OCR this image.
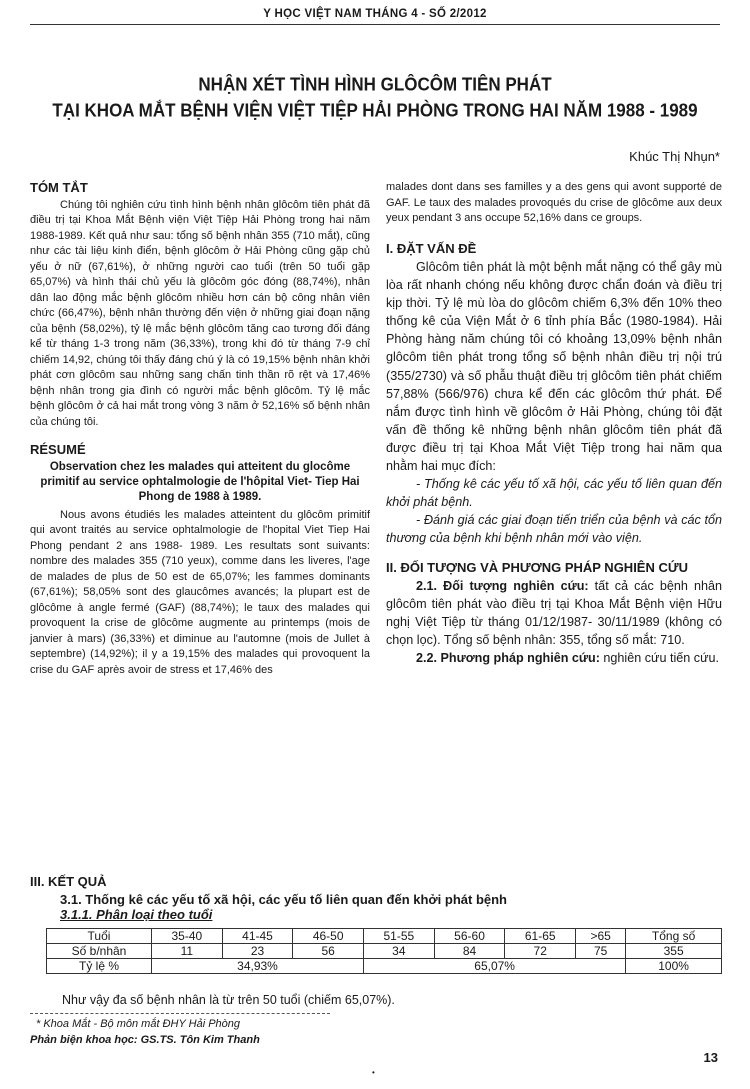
Y HỌC VIỆT NAM THÁNG 4 - SỐ 2/2012
NHẬN XÉT TÌNH HÌNH GLÔCÔM TIÊN PHÁT
TẠI KHOA MẮT BỆNH VIỆN VIỆT TIỆP HẢI PHÒNG TRONG HAI NĂM 1988 - 1989
Khúc Thị Nhụn*
TÓM TẮT

Chúng tôi nghiên cứu tình hình bệnh nhân glôcôm tiên phát đã điều trị tại Khoa Mắt Bệnh viện Việt Tiệp Hải Phòng trong hai năm 1988-1989. Kết quả như sau: tổng số bệnh nhân 355 (710 mắt), cũng như các tài liệu kinh điển, bệnh glôcôm ở Hải Phòng cũng gặp chủ yếu ở nữ (67,61%), ở những người cao tuổi (trên 50 tuổi gặp 65,07%) và hình thái chủ yếu là glôcôm góc đóng (88,74%), nhân dân lao động mắc bệnh glôcôm nhiều hơn cán bộ công nhân viên chức (66,47%), bệnh nhân thường đến viện ở những giai đoạn nặng của bệnh (58,02%), tỷ lệ mắc bệnh glôcôm tăng cao tương đối đáng kể từ tháng 1-3 trong năm (36,33%), trong khi đó từ tháng 7-9 chỉ chiếm 14,92, chúng tôi thấy đáng chú ý là có 19,15% bệnh nhân khởi phát cơn glôcôm sau những sang chấn tinh thần rõ rệt và 17,46% bệnh nhân trong gia đình có người mắc bệnh glôcôm. Tỷ lệ mắc bệnh glôcôm ở cả hai mắt trong vòng 3 năm ở 52,16% số bệnh nhân của chúng tôi.

RÉSUMÉ
Observation chez les malades qui atteitent du glocôme primitif au service ophtalmologie de l'hôpital Viet- Tiep Hai Phong de 1988 à 1989.

Nous avons étudiés les malades atteintent du glôcôm primitif qui avont traités au service ophtalmologie de l'hopital Viet Tiep Hai Phong pendant 2 ans 1988- 1989. Les resultats sont suivants: nombre des malades 355 (710 yeux), comme dans les liveres, l'age de malades de plus de 50 est de 65,07%; les fammes dominants (67,61%); 58,05% sont des glaucômes avancés; la plupart est de glôcôme à angle fermé (GAF) (88,74%); le taux des malades qui provoquent la crise de glôcôme augmente au printemps (mois de janvier à mars) (36,33%) et diminue au l'automne (mois de Jullet à septembre) (14,92%); il y a 19,15% des malades qui provoquent la crise du GAF après avoir de stress et 17,46% des

malades dont dans ses familles y a des gens qui avont supporté de GAF. Le taux des malades provoqués du crise de glôcôme aux deux yeux pendant 3 ans occupe 52,16% dans ce groups.

I. ĐẶT VẤN ĐỀ

Glôcôm tiên phát là một bệnh mắt nặng có thể gây mù lòa rất nhanh chóng nếu không được chẩn đoán và điều trị kịp thời. Tỷ lệ mù lòa do glôcôm chiếm 6,3% đến 10% theo thống kê của Viện Mắt ở 6 tỉnh phía Bắc (1980-1984). Hải Phòng hàng năm chúng tôi có khoảng 13,09% bệnh nhân glôcôm tiên phát trong tổng số bệnh nhân điều trị nội trú (355/2730) và số phẫu thuật điều trị glôcôm tiên phát chiếm 57,88% (566/976) chưa kể đến các glôcôm thứ phát. Để nắm được tình hình về glôcôm ở Hải Phòng, chúng tôi đặt vấn đề thống kê những bệnh nhân glôcôm tiên phát đã được điều trị tại Khoa Mắt Việt Tiệp trong hai năm qua nhằm hai mục đích:

- Thống kê các yếu tố xã hội, các yếu tố liên quan đến khởi phát bệnh.

- Đánh giá các giai đoạn tiến triển của bệnh và các tổn thương của bệnh khi bệnh nhân mới vào viện.

II. ĐỐI TƯỢNG VÀ PHƯƠNG PHÁP NGHIÊN CỨU

2.1. Đối tượng nghiên cứu: tất cả các bệnh nhân glôcôm tiên phát vào điều trị tại Khoa Mắt Bệnh viện Hữu nghị Việt Tiệp từ tháng 01/12/1987- 30/11/1989 (không có chọn lọc). Tổng số bệnh nhân: 355, tổng số mắt: 710.

2.2. Phương pháp nghiên cứu: nghiên cứu tiến cứu.

III. KẾT QUẢ
3.1. Thống kê các yếu tố xã hội, các yếu tố liên quan đến khởi phát bệnh
3.1.1. Phân loại theo tuổi
Tuổi	35-40	41-45	46-50	51-55	56-60	61-65	>65	Tổng số
Số b/nhân	11	23	56	34	84	72	75	355
Tỷ lệ %	34,93%			65,07%				100%
Như vậy đa số bệnh nhân là từ trên 50 tuổi (chiếm 65,07%).
* Khoa Mắt - Bộ môn mắt ĐHY Hải Phòng
Phản biện khoa học: GS.TS. Tôn Kim Thanh
13
•
